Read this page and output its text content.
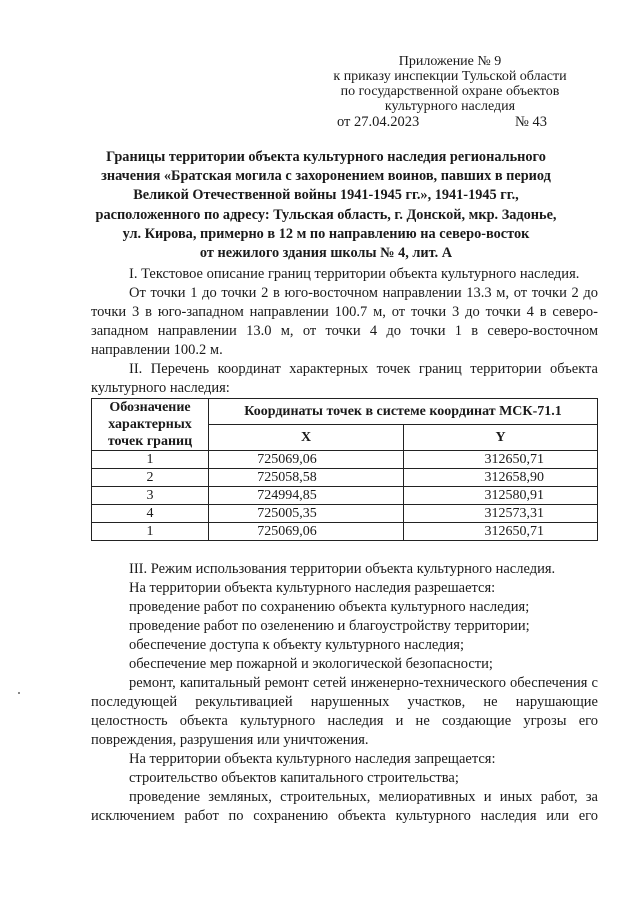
Приложение № 9
к приказу инспекции Тульской области
по государственной охране объектов
культурного наследия
от 27.04.2023	№ 43
Границы территории объекта культурного наследия регионального
значения «Братская могила с захоронением воинов, павших в период
Великой Отечественной войны 1941-1945 гг.», 1941-1945 гг.,
расположенного по адресу: Тульская область, г. Донской, мкр. Задонье,
ул. Кирова, примерно в 12 м по направлению на северо-восток
от нежилого здания школы № 4, лит. А
I. Текстовое описание границ территории объекта культурного наследия.
От точки 1 до точки 2 в юго-восточном направлении 13.3 м, от точки 2 до точки 3 в юго-западном направлении 100.7 м, от точки 3 до точки 4 в северо-западном направлении 13.0 м, от точки 4 до точки 1 в северо-восточном направлении 100.2 м.
II. Перечень координат характерных точек границ территории объекта культурного наследия:
Обозначение характерных точек границ	Координаты точек в системе координат МСК-71.1	
	X	Y
1	725069,06	312650,71
2	725058,58	312658,90
3	724994,85	312580,91
4	725005,35	312573,31
1	725069,06	312650,71
III. Режим использования территории объекта культурного наследия.
На территории объекта культурного наследия разрешается:
проведение работ по сохранению объекта культурного наследия;
проведение работ по озеленению и благоустройству территории;
обеспечение доступа к объекту культурного наследия;
обеспечение мер пожарной и экологической безопасности;
ремонт, капитальный ремонт сетей инженерно-технического обеспечения с последующей рекультивацией нарушенных участков, не нарушающие целостность объекта культурного наследия и не создающие угрозы его повреждения, разрушения или уничтожения.
На территории объекта культурного наследия запрещается:
строительство объектов капитального строительства;
проведение земляных, строительных, мелиоративных и иных работ, за исключением работ по сохранению объекта культурного наследия или его
